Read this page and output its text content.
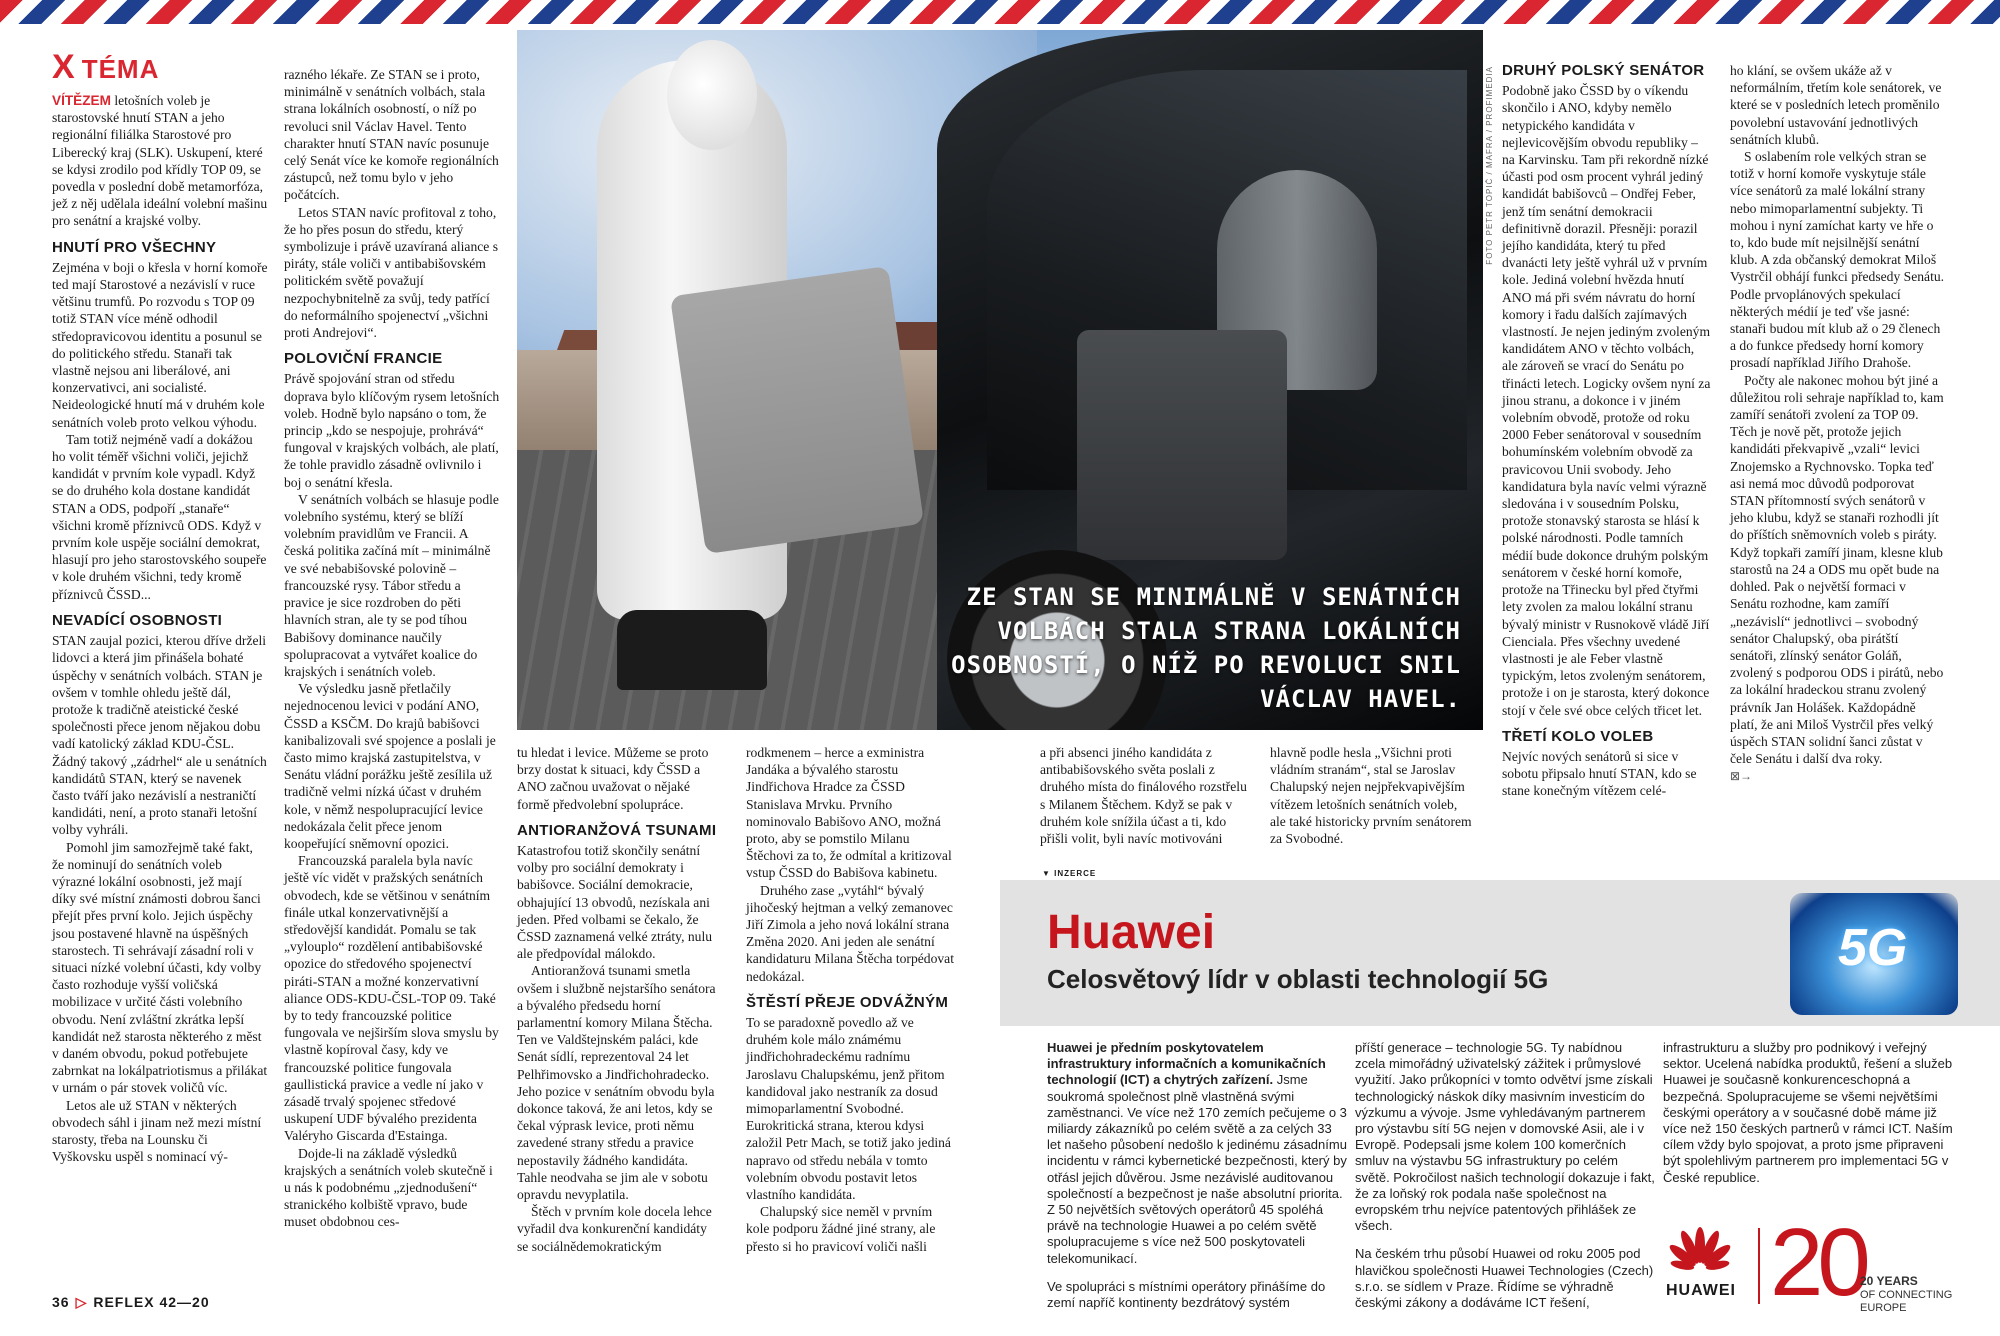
X TÉMA

VÍTĚZEM letošních voleb je starostovské hnutí STAN a jeho regionální filiálka Starostové pro Liberecký kraj (SLK). Uskupení, které se kdysi zrodilo pod křídly TOP 09, se povedla v poslední době metamorfóza, jež z něj udělala ideální volební mašinu pro senátní a krajské volby.

HNUTÍ PRO VŠECHNY

Zejména v boji o křesla v horní komoře ted mají Starostové a nezávislí v ruce většinu trumfů. Po rozvodu s TOP 09 totiž STAN více méně odhodil středopravicovou identitu a posunul se do politického středu. Stanaři tak vlastně nejsou ani liberálové, ani konzervativci, ani socialisté. Neideologické hnutí má v druhém kole senátních voleb proto velkou výhodu.

Tam totiž nejméně vadí a dokážou ho volit téměř všichni voliči, jejichž kandidát v prvním kole vypadl. Když se do druhého kola dostane kandidát STAN a ODS, podpoří „stanaře“ všichni kromě příznivců ODS. Když v prvním kole uspěje sociální demokrat, hlasují pro jeho starostovského soupeře v kole druhém všichni, tedy kromě příznivců ČSSD...

NEVADÍCÍ OSOBNOSTI

STAN zaujal pozici, kterou dříve drželi lidovci a která jim přinášela bohaté úspěchy v senátních volbách. STAN je ovšem v tomhle ohledu ještě dál, protože k tradičně ateistické české společnosti přece jenom nějakou dobu vadí katolický základ KDU-ČSL. Žádný takový „zádrhel“ ale u senátních kandidátů STAN, který se navenek často tváří jako nezávislí a nestraničtí kandidáti, není, a proto stanaři letošní volby vyhráli.

Pomohl jim samozřejmě také fakt, že nominují do senátních voleb výrazné lokální osobnosti, jež mají díky své místní známosti dobrou šanci přejít přes první kolo. Jejich úspěchy jsou postavené hlavně na úspěšných starostech. Ti sehrávají zásadní roli v situaci nízké volební účasti, kdy volby často rozhoduje vyšší voličská mobilizace v určité části volebního obvodu. Není zvláštní zkrátka lepší kandidát než starosta některého z měst v daném obvodu, pokud potřebujete zabrnkat na lokálpatriotismus a přilákat v urnám o pár stovek voličů víc.

Letos ale už STAN v některých obvodech sáhl i jinam než mezi místní starosty, třeba na Lounsku či Vyškovsku uspěl s nominací vý-

razného lékaře. Ze STAN se i proto, minimálně v senátních volbách, stala strana lokálních osobností, o níž po revoluci snil Václav Havel. Tento charakter hnutí STAN navíc posunuje celý Senát více ke komoře regionálních zástupců, než tomu bylo v jeho počátcích.

Letos STAN navíc profitoval z toho, že ho přes posun do středu, který symbolizuje i právě uzavíraná aliance s piráty, stále voliči v antibabišovském politickém světě považují nezpochybnitelně za svůj, tedy patřící do neformálního spojenectví „všichni proti Andrejovi“.

POLOVIČNÍ FRANCIE

Právě spojování stran od středu doprava bylo klíčovým rysem letošních voleb. Hodně bylo napsáno o tom, že princip „kdo se nespojuje, prohrává“ fungoval v krajských volbách, ale platí, že tohle pravidlo zásadně ovlivnilo i boj o senátní křesla.

V senátních volbách se hlasuje podle volebního systému, který se blíží volebním pravidlům ve Francii. A česká politika začíná mít – minimálně ve své nebabišovské polovině – francouzské rysy. Tábor středu a pravice je sice rozdroben do pěti hlavních stran, ale ty se pod tíhou Babišovy dominance naučily spolupracovat a vytvářet koalice do krajských i senátních voleb.

Ve výsledku jasně přetlačily nejednocenou levici v podání ANO, ČSSD a KSČM. Do krajů babišovci kanibalizovali své spojence a poslali je často mimo krajská zastupitelstva, v Senátu vládní porážku ještě zesílila už tradičně velmi nízká účast v druhém kole, v němž nespolupracující levice nedokázala čelit přece jenom koopeřující sněmovní opozici.

Francouzská paralela byla navíc ještě víc vidět v pražských senátních obvodech, kde se většinou v senátním finále utkal konzervativnější a středovější kandidát. Pomalu se tak „vylouplo“ rozdělení antibabišovské opozice do středového spojenectví piráti-STAN a možné konzervativní aliance ODS-KDU-ČSL-TOP 09. Také by to tedy francouzské politice fungovala ve nejširším slova smyslu by vlastně kopíroval časy, kdy ve francouzské politice fungovala gaullistická pravice a vedle ní jako v zásadě trvalý spojenec středové uskupení UDF bývalého prezidenta Valéryho Giscarda d'Estainga.

Dojde-li na základě výsledků krajských a senátních voleb skutečně i u nás k podobnému „zjednodušení“ stranického kolbiště vpravo, bude muset obdobnou ces-

ZE STAN SE MINIMÁLNĚ V SENÁTNÍCH VOLBÁCH STALA STRANA LOKÁLNÍCH OSOBNOSTÍ, O NÍŽ PO REVOLUCI SNIL VÁCLAV HAVEL.
FOTO PETR TOPIČ / MAFRA / PROFIMEDIA

tu hledat i levice. Můžeme se proto brzy dostat k situaci, kdy ČSSD a ANO začnou uvažovat o nějaké formě předvolební spolupráce.

ANTIORANŽOVÁ TSUNAMI

Katastrofou totiž skončily senátní volby pro sociální demokraty i babišovce. Sociální demokracie, obhajující 13 obvodů, nezískala ani jeden. Před volbami se čekalo, že ČSSD zaznamená velké ztráty, nulu ale předpovídal málokdo.

Antioranžová tsunami smetla ovšem i službně nejstaršího senátora a bývalého předsedu horní parlamentní komory Milana Štěcha. Ten ve Valdštejnském paláci, kde Senát sídlí, reprezentoval 24 let Pelhřimovsko a Jindřichohradecko. Jeho pozice v senátním obvodu byla dokonce taková, že ani letos, kdy se čekal výprask levice, proti němu zavedené strany středu a pravice nepostavily žádného kandidáta. Tahle neodvaha se jim ale v sobotu opravdu nevyplatila.

Štěch v prvním kole docela lehce vyřadil dva konkurenční kandidáty se sociálnědemokratickým

rodkmenem – herce a exministra Jandáka a bývalého starostu Jindřichova Hradce za ČSSD Stanislava Mrvku. Prvního nominovalo Babišovo ANO, možná proto, aby se pomstilo Milanu Štěchovi za to, že odmítal a kritizoval vstup ČSSD do Babišova kabinetu.

Druhého zase „vytáhl“ bývalý jihočeský hejtman a velký zemanovec Jiří Zimola a jeho nová lokální strana Změna 2020. Ani jeden ale senátní kandidaturu Milana Štěcha torpédovat nedokázal.

ŠTĚSTÍ PŘEJE ODVÁŽNÝM

To se paradoxně povedlo až ve druhém kole málo známému jindřichohradeckému radnímu Jaroslavu Chalupskému, jenž přitom kandidoval jako nestraník za dosud mimoparlamentní Svobodné. Eurokritická strana, kterou kdysi založil Petr Mach, se totiž jako jediná napravo od středu nebála v tomto volebním obvodu postavit letos vlastního kandidáta.

Chalupský sice neměl v prvním kole podporu žádné jiné strany, ale přesto si ho pravicoví voliči našli

a při absenci jiného kandidáta z antibabišovského světa poslali z druhého místa do finálového rozstřelu s Milanem Štěchem. Když se pak v druhém kole snížila účast a ti, kdo přišli volit, byli navíc motivováni

hlavně podle hesla „Všichni proti vládním stranám“, stal se Jaroslav Chalupský nejen nejpřekvapivějším vítězem letošních senátních voleb, ale také historicky prvním senátorem za Svobodné.

DRUHÝ POLSKÝ SENÁTOR

Podobně jako ČSSD by o víkendu skončilo i ANO, kdyby nemělo netypického kandidáta v nejlevicovějším obvodu republiky – na Karvinsku. Tam při rekordně nízké účasti pod osm procent vyhrál jediný kandidát babišovců – Ondřej Feber, jenž tím senátní demokracii definitivně dorazil. Přesněji: porazil jejího kandidáta, který tu před dvanácti lety ještě vyhrál už v prvním kole. Jediná volební hvězda hnutí ANO má při svém návratu do horní komory i řadu dalších zajímavých vlastností. Je nejen jediným zvoleným kandidátem ANO v těchto volbách, ale zároveň se vrací do Senátu po třinácti letech. Logicky ovšem nyní za jinou stranu, a dokonce i v jiném volebním obvodě, protože od roku 2000 Feber senátoroval v sousedním bohumínském volebním obvodě za pravicovou Unii svobody. Jeho kandidatura byla navíc velmi výrazně sledována i v sousedním Polsku, protože stonavský starosta se hlásí k polské národnosti. Podle tamních médií bude dokonce druhým polským senátorem v české horní komoře, protože na Třinecku byl před čtyřmi lety zvolen za malou lokální stranu bývalý ministr v Rusnokově vládě Jiří Cienciala. Přes všechny uvedené vlastnosti je ale Feber vlastně typickým, letos zvoleným senátorem, protože i on je starosta, který dokonce stojí v čele své obce celých třicet let.

TŘETÍ KOLO VOLEB

Nejvíc nových senátorů si sice v sobotu připsalo hnutí STAN, kdo se stane konečným vítězem celé-

ho klání, se ovšem ukáže až v neformálním, třetím kole senátorek, ve které se v posledních letech proměnilo povolební ustavování jednotlivých senátních klubů.

S oslabením role velkých stran se totiž v horní komoře vyskytuje stále více senátorů za malé lokální strany nebo mimoparlamentní subjekty. Ti mohou i nyní zamíchat karty ve hře o to, kdo bude mít nejsilnější senátní klub. A zda občanský demokrat Miloš Vystrčil obhájí funkci předsedy Senátu. Podle prvoplánových spekulací některých médií je teď vše jasné: stanaři budou mít klub až o 29 členech a do funkce předsedy horní komory prosadí například Jiřího Drahoše.

Počty ale nakonec mohou být jiné a důležitou roli sehraje například to, kam zamíří senátoři zvolení za TOP 09. Těch je nově pět, protože jejich kandidáti překvapivě „vzali“ levici Znojemsko a Rychnovsko. Topka teď asi nemá moc důvodů podporovat STAN přítomností svých senátorů v jeho klubu, když se stanaři rozhodli jít do příštích sněmovních voleb s piráty. Když topkaři zamíří jinam, klesne klub starostů na 24 a ODS mu opět bude na dohled. Pak o největší formaci v Senátu rozhodne, kam zamíří „nezávislí“ jednotlivci – svobodný senátor Chalupský, oba pirátští senátoři, zlínský senátor Goláň, zvolený s podporou ODS i pirátů, nebo za lokální hradeckou stranu zvolený právník Jan Holášek. Každopádně platí, že ani Miloš Vystrčil přes velký úspěch STAN solidní šanci zůstat v čele Senátu i další dva roky.

⊠→
36 ▷ REFLEX 42—20
▼ INZERCE
Huawei
Celosvětový lídr v oblasti technologií 5G
5G

Huawei je předním poskytovatelem infrastruktury informačních a komunikačních technologií (ICT) a chytrých zařízení. Jsme soukromá společnost plně vlastněná svými zaměstnanci. Ve více než 170 zemích pečujeme o 3 miliardy zákazníků po celém světě a za celých 33 let našeho působení nedošlo k jedinému zásadnímu incidentu v rámci kybernetické bezpečnosti, který by otřásl jejich důvěrou. Jsme nezávislé auditovanou společností a bezpečnost je naše absolutní priorita. Z 50 největších světových operátorů 45 spoléhá právě na technologie Huawei a po celém světě spolupracujeme s více než 500 poskytovateli telekomunikací.

Ve spolupráci s místními operátory přinášíme do zemí napříč kontinenty bezdrátový systém

příští generace – technologie 5G. Ty nabídnou zcela mimořádný uživatelský zážitek i průmyslové využití. Jako průkopníci v tomto odvětví jsme získali technologický náskok díky masivním investicím do výzkumu a vývoje. Jsme vyhledávaným partnerem pro výstavbu sítí 5G nejen v domovské Asii, ale i v Evropě. Podepsali jsme kolem 100 komerčních smluv na výstavbu 5G infrastruktury po celém světě. Pokročilost našich technologií dokazuje i fakt, že za loňský rok podala naše společnost na evropském trhu nejvíce patentových přihlášek ze všech.

Na českém trhu působí Huawei od roku 2005 pod hlavičkou společnosti Huawei Technologies (Czech) s.r.o. se sídlem v Praze. Řídíme se výhradně českými zákony a dodáváme ICT řešení,

infrastrukturu a služby pro podnikový i veřejný sektor. Ucelená nabídka produktů, řešení a služeb Huawei je současně konkurenceschopná a bezpečná. Spolupracujeme se všemi největšími českými operátory a v současné době máme již více než 150 českých partnerů v rámci ICT. Naším cílem vždy bylo spojovat, a proto jsme připraveni být spolehlivým partnerem pro implementaci 5G v České republice.

HUAWEI 20
20 YEARS
OF CONNECTING
EUROPE
